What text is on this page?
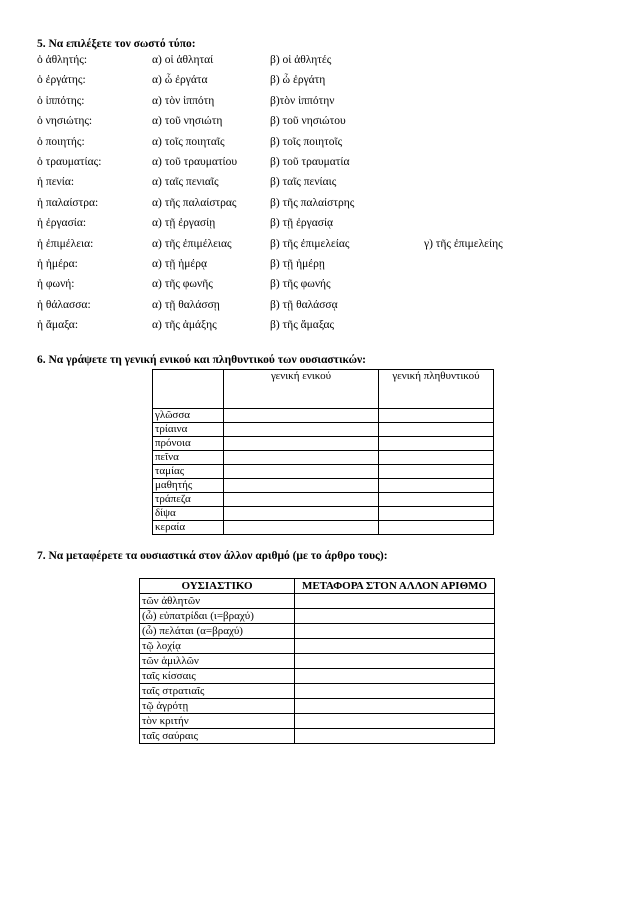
5. Να επιλέξετε τον σωστό τύπο:
ὁ ἀθλητής:	α) οἱ ἀθληταί	β) οἱ ἀθλητές
ὁ ἐργάτης:	α) ὦ ἐργάτα	β) ὦ ἐργάτη
ὁ ἱππότης:	α) τὸν ἱππότη	β)τὸν ἱππότην
ὁ νησιώτης:	α) τοῦ νησιώτη	β) τοῦ νησιώτου
ὁ ποιητής:	α) τοῖς ποιηταῖς	β) τοῖς ποιητοῖς
ὁ τραυματίας:	α) τοῦ τραυματίου	β) τοῦ τραυματία
ἡ πενία:	α) ταῖς πενιαῖς	β) ταῖς πενίαις
ἡ παλαίστρα:	α) τῆς παλαίστρας	β) τῆς παλαίστρης
ἡ ἐργασία:	α) τῇ ἐργασίῃ	β) τῇ ἐργασίᾳ
ἡ ἐπιμέλεια:	α) τῆς ἐπιμέλειας	β) τῆς ἐπιμελείας	γ) τῆς ἐπιμελείης
ἡ ἡμέρα:	α) τῇ ἡμέρᾳ	β) τῇ ἡμέρῃ
ἡ φωνή:	α) τῆς φωνῆς	β) τῆς φωνής
ἡ θάλασσα:	α) τῇ θαλάσσῃ	β) τῇ θαλάσσᾳ
ἡ ἅμαξα:	α) τῆς ἁμάξης	β) τῆς ἅμαξας
6. Να γράψετε τη γενική ενικού και πληθυντικού των ουσιαστικών:
	γενική ενικού	γενική πληθυντικού
γλῶσσα		
τρίαινα		
πρόνοια		
πεῖνα		
ταμίας		
μαθητής		
τράπεζα		
δίψα		
κεραία		
7. Να μεταφέρετε τα ουσιαστικά στον άλλον αριθμό (με το άρθρο τους):
ΟΥΣΙΑΣΤΙΚΟ	ΜΕΤΑΦΟΡΑ ΣΤΟΝ ΑΛΛΟΝ ΑΡΙΘΜΟ
τῶν ἀθλητῶν	
(ὦ) εὐπατρίδαι (ι=βραχύ)	
(ὦ) πελάται (α=βραχύ)	
τῷ λοχίᾳ	
τῶν ἁμιλλῶν	
ταῖς κίσσαις	
ταῖς στρατιαῖς	
τῷ ἀγρότῃ	
τὸν κριτήν	
ταῖς σαύραις	
